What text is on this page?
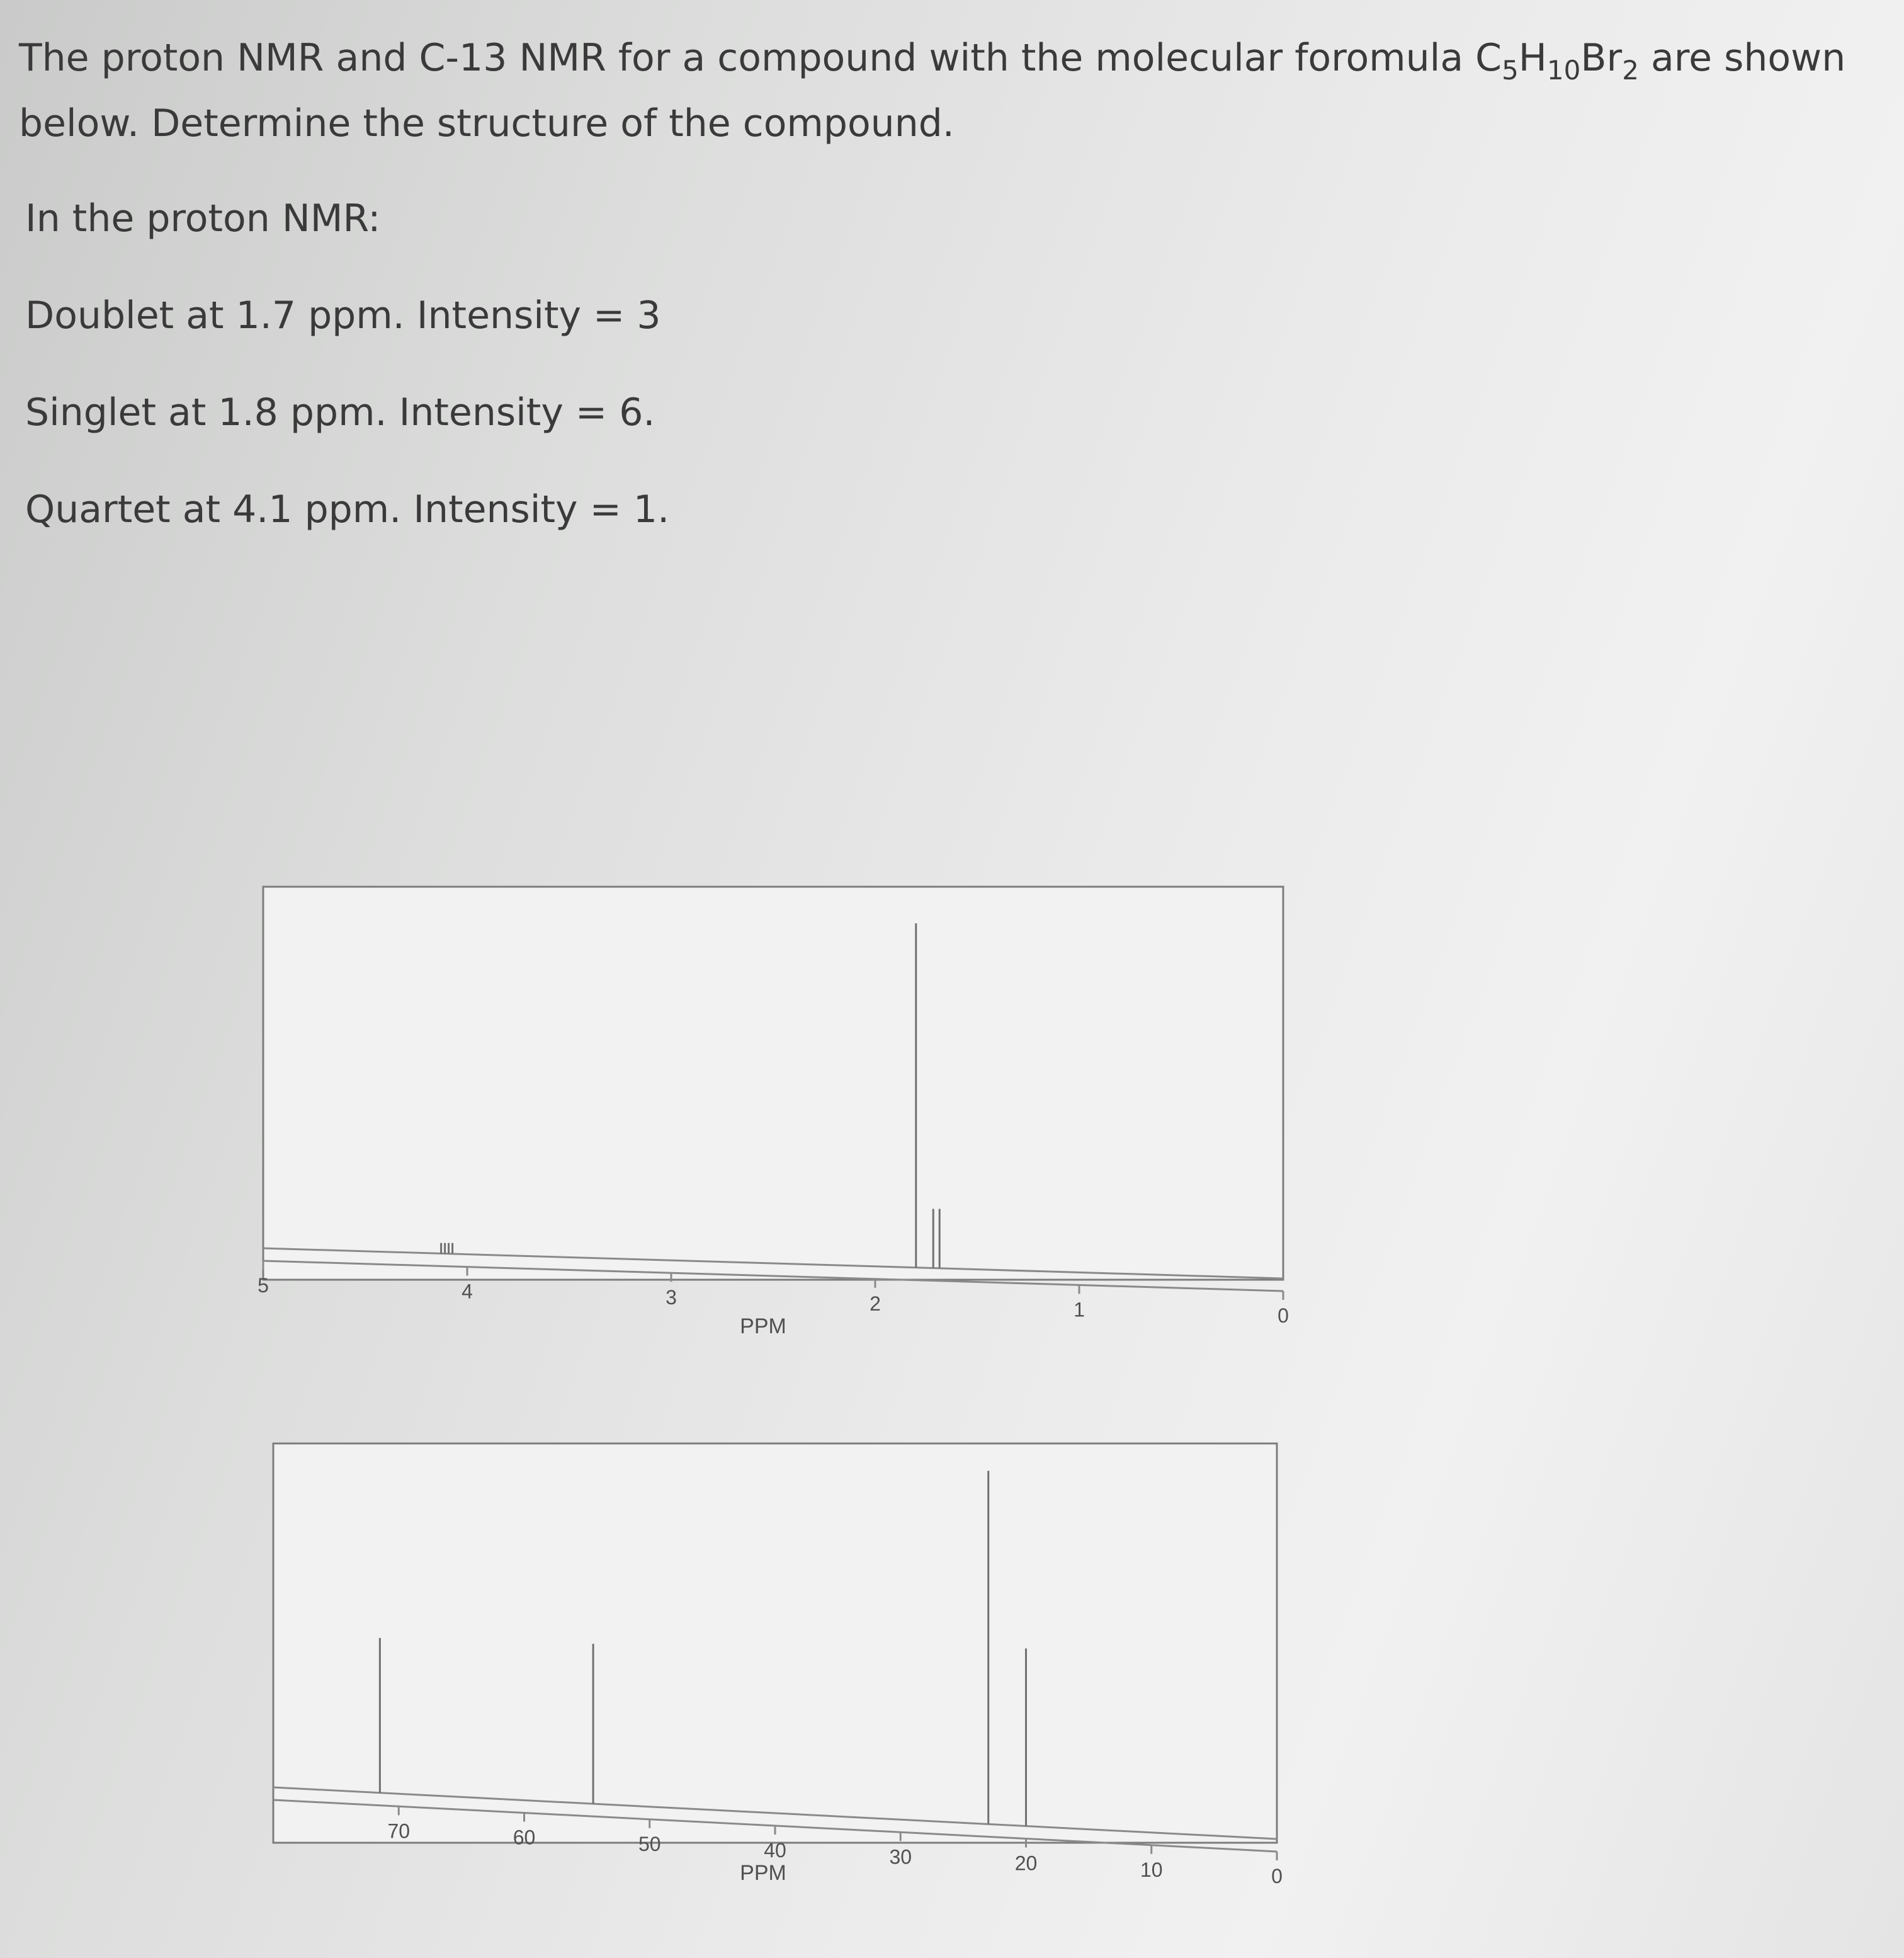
The proton NMR and C-13 NMR for a compound with the molecular foromula $C_5H_{10}Br_2$ are shown
below. Determine the structure of the compound.
In the proton NMR:
Doublet at 1.7 ppm. Intensity = 3
Singlet at 1.8 ppm. Intensity = 6.
Quartet at 4.1 ppm. Intensity = 1.
5	4	3	2	1	0
PPM
70	60	50	40	30	20	10	0
PPM
